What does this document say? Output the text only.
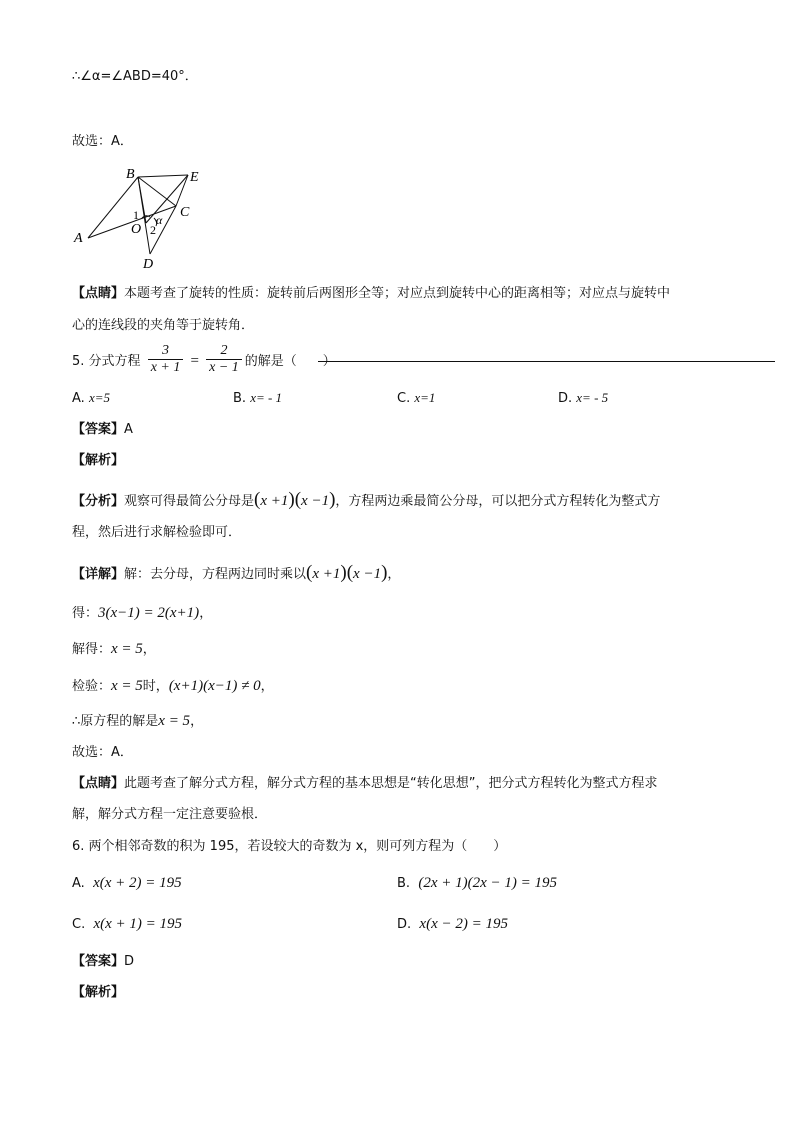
∴∠α=∠ABD=40°．
故选：A．
B	E
C
A
O
D
1
2
α
【点睛】本题考查了旋转的性质：旋转前后两图形全等；对应点到旋转中心的距离相等；对应点与旋转中
心的连线段的夹角等于旋转角．
5. 分式方程 $\frac{3}{x + 1} = \frac{2}{x - 1}$ 的解是（　　）
A. x=5	B. x= - 1	C. x=1	D. x= - 5
【答案】A
【解析】
【分析】观察可得最简公分母是(x +1)(x −1)，方程两边乘最简公分母，可以把分式方程转化为整式方
程，然后进行求解检验即可．
【详解】解：去分母，方程两边同时乘以(x +1)(x −1)，
得：3(x−1) = 2(x+1)，
解得：x = 5，
检验：x = 5时，(x+1)(x−1) ≠ 0，
∴原方程的解是x = 5，
故选：A．
【点睛】此题考查了解分式方程，解分式方程的基本思想是“转化思想”，把分式方程转化为整式方程求
解，解分式方程一定注意要验根．
6. 两个相邻奇数的积为 195，若设较大的奇数为 x，则可列方程为（　　）
A. x(x + 2) = 195	B. (2x + 1)(2x − 1) = 195
C. x(x + 1) = 195	D. x(x − 2) = 195
【答案】D
【解析】
